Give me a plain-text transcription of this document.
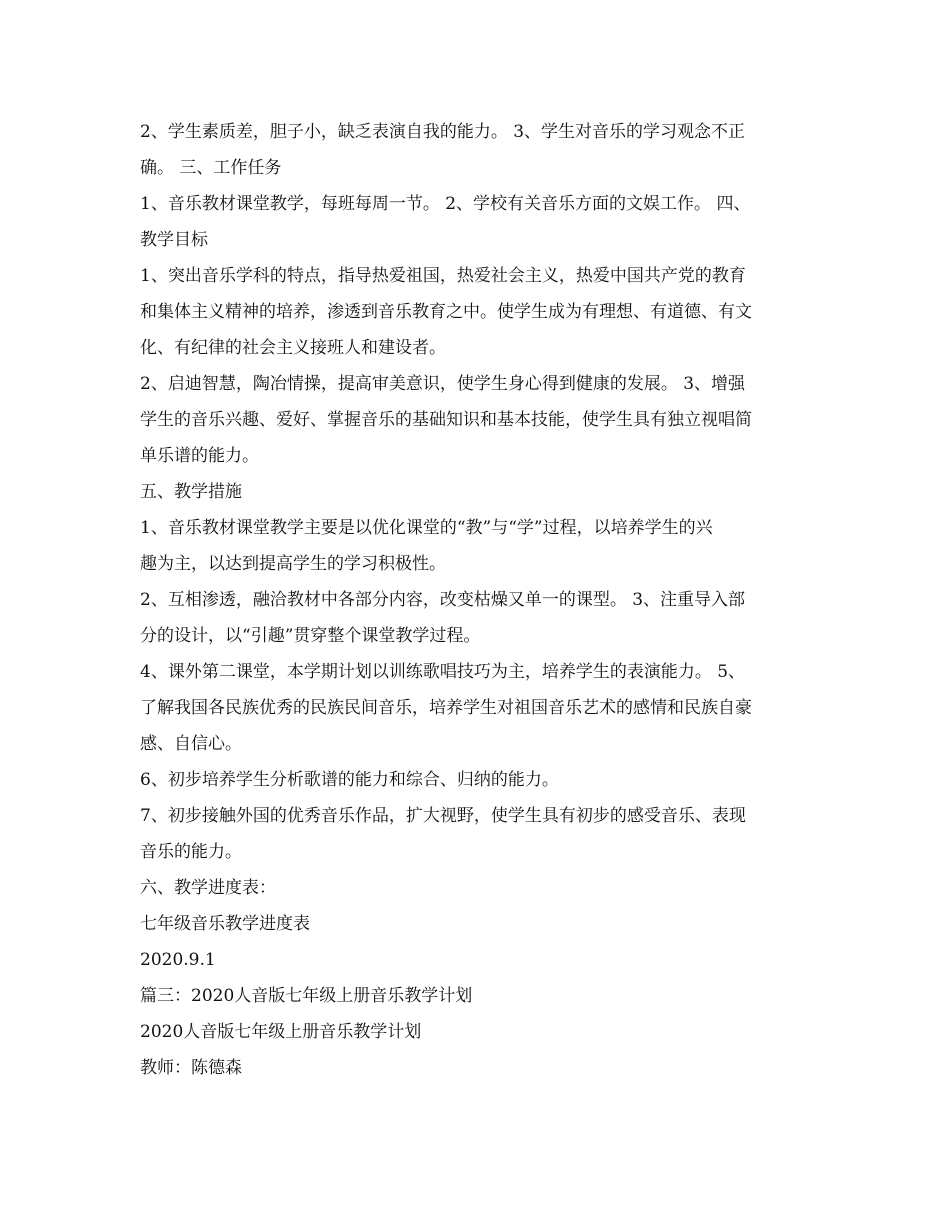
2、学生素质差，胆子小，缺乏表演自我的能力。 3、学生对音乐的学习观念不正
确。 三、工作任务
1、音乐教材课堂教学，每班每周一节。 2、学校有关音乐方面的文娱工作。 四、
教学目标
1、突出音乐学科的特点，指导热爱祖国，热爱社会主义，热爱中国共产党的教育
和集体主义精神的培养，渗透到音乐教育之中。使学生成为有理想、有道德、有文
化、有纪律的社会主义接班人和建设者。
2、启迪智慧，陶冶情操，提高审美意识，使学生身心得到健康的发展。 3、增强
学生的音乐兴趣、爱好、掌握音乐的基础知识和基本技能，使学生具有独立视唱简
单乐谱的能力。
五、教学措施
1、音乐教材课堂教学主要是以优化课堂的“教”与“学”过程，以培养学生的兴
趣为主，以达到提高学生的学习积极性。
2、互相渗透，融洽教材中各部分内容，改变枯燥又单一的课型。 3、注重导入部
分的设计，以“引趣”贯穿整个课堂教学过程。
4、课外第二课堂，本学期计划以训练歌唱技巧为主，培养学生的表演能力。 5、
了解我国各民族优秀的民族民间音乐，培养学生对祖国音乐艺术的感情和民族自豪
感、自信心。
6、初步培养学生分析歌谱的能力和综合、归纳的能力。
7、初步接触外国的优秀音乐作品，扩大视野，使学生具有初步的感受音乐、表现
音乐的能力。
六、教学进度表：
七年级音乐教学进度表
2020.9.1
篇三：2020人音版七年级上册音乐教学计划
2020人音版七年级上册音乐教学计划
教师：陈德森
